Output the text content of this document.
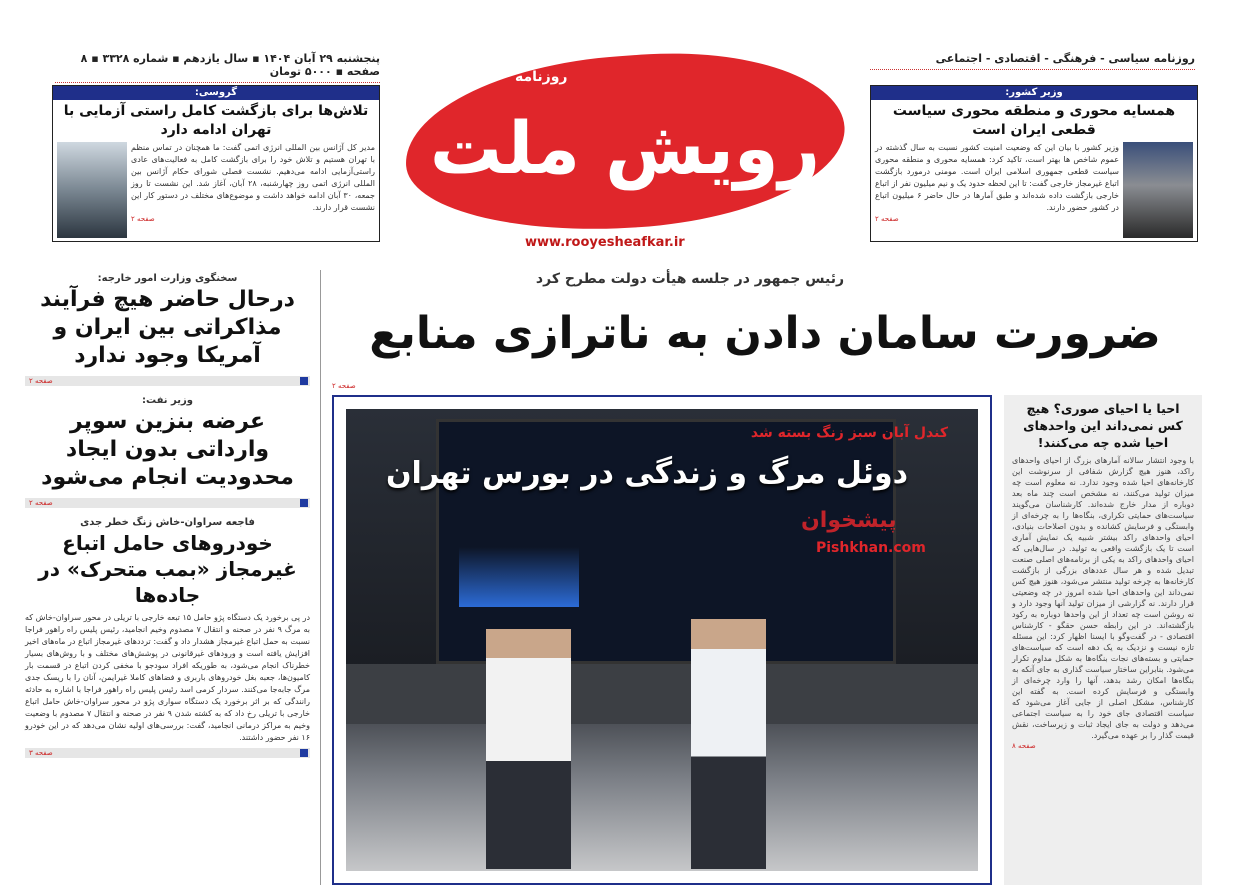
پنجشنبه ۲۹ آبان ۱۴۰۴ ▪ سال یازدهم ▪ شماره ۳۳۲۸ ▪ ۸ صفحه ▪ ۵۰۰۰ تومان
روزنامه سیاسی - فرهنگی - اقتصادی - اجتماعی
رویش ملت
روزنامه
www.rooyesheafkar.ir
گروسی:
تلاش‌ها برای بازگشت کامل راستی آزمایی با تهران ادامه دارد
مدیر کل آژانس بین المللی انرژی اتمی گفت: ما همچنان در تماس منظم با تهران هستیم و تلاش خود را برای بازگشت کامل به فعالیت‌های عادی راستی‌آزمایی ادامه می‌دهیم. نشست فصلی شورای حکام آژانس بین المللی انرژی اتمی روز چهارشنبه، ۲۸ آبان، آغاز شد. این نشست تا روز جمعه، ۳۰ آبان ادامه خواهد داشت و موضوع‌های مختلف در دستور کار این نشست قرار دارند.
صفحه ۲
وزیر کشور:
همسایه محوری و منطقه محوری سیاست قطعی ایران است
وزیر کشور با بیان این که وضعیت امنیت کشور نسبت به سال گذشته در عموم شاخص ها بهتر است، تاکید کرد: همسایه محوری و منطقه محوری سیاست قطعی جمهوری اسلامی ایران است. مومنی درمورد بازگشت اتباع غیرمجاز خارجی گفت: تا این لحظه حدود یک و نیم میلیون نفر از اتباع خارجی بازگشت داده شده‌اند و طبق آمارها در حال حاضر ۶ میلیون اتباع در کشور حضور دارند.
صفحه ۲
رئیس جمهور در جلسه هیأت دولت مطرح کرد
ضرورت سامان دادن به ناترازی منابع
صفحه ۲
سخنگوی وزارت امور خارجه:
درحال حاضر هیچ فرآیند مذاکراتی بین ایران و آمریکا وجود ندارد
صفحه ۲
وزیر نفت:
عرضه بنزین سوپر وارداتی بدون ایجاد محدودیت انجام می‌شود
صفحه ۲
فاجعه سراوان-خاش زنگ خطر جدی
خودروهای حامل اتباع غیرمجاز «بمب متحرک» در جاده‌ها
در پی برخورد یک دستگاه پژو حامل ۱۵ تبعه خارجی با تریلی در محور سراوان-خاش که به مرگ ۹ نفر در صحنه و انتقال ۷ مصدوم وخیم انجامید، رئیس پلیس راه راهور فراجا نسبت به حمل اتباع غیرمجاز هشدار داد و گفت: ترددهای غیرمجاز اتباع در ماه‌های اخیر افزایش یافته است و ورودهای غیرقانونی در پوشش‌های مختلف و با روش‌های بسیار خطرناک انجام می‌شود، به طوریکه افراد سودجو با مخفی کردن اتباع در قسمت بار کامیون‌ها، جعبه بغل خودروهای باربری و فضاهای کاملا غیرایمن، آنان را با ریسک جدی مرگ جابه‌جا می‌کنند. سردار کرمی اسد رئیس پلیس راه راهور فراجا با اشاره به حادثه رانندگی که بر اثر برخورد یک دستگاه سواری پژو در محور سراوان-خاش حامل اتباع خارجی با تریلی رخ داد که به کشته شدن ۹ نفر در صحنه و انتقال ۷ مصدوم با وضعیت وخیم به مراکز درمانی انجامید، گفت: بررسی‌های اولیه نشان می‌دهد که در این خودرو ۱۶ نفر حضور داشتند.
صفحه ۳
کندل آبان سبز زنگ بسته شد
دوئل مرگ و زندگی در بورس تهران
پیشخوان
Pishkhan.com
احیا یا احیای صوری؟ هیچ کس نمی‌داند این واحدهای احیا شده چه می‌کنند!
با وجود انتشار سالانه آمارهای بزرگ از احیای واحدهای راکد، هنوز هیچ گزارش شفافی از سرنوشت این کارخانه‌های احیا شده وجود ندارد. نه معلوم است چه میزان تولید می‌کنند، نه مشخص است چند ماه بعد دوباره از مدار خارج شده‌اند. کارشناسان می‌گویند سیاست‌های حمایتی تکراری، بنگاه‌ها را به چرخه‌ای از وابستگی و فرسایش کشانده و بدون اصلاحات بنیادی، احیای واحدهای راکد بیشتر شبیه یک نمایش آماری است تا یک بازگشت واقعی به تولید. در سال‌هایی که احیای واحدهای راکد به یکی از برنامه‌های اصلی صنعت تبدیل شده و هر سال عددهای بزرگی از بازگشت کارخانه‌ها به چرخه تولید منتشر می‌شود، هنوز هیچ کس نمی‌داند این واحدهای احیا شده امروز در چه وضعیتی قرار دارند. نه گزارشی از میزان تولید آنها وجود دارد و نه روشن است چه تعداد از این واحدها دوباره به رکود بازگشته‌اند. در این رابطه حسن حقگو - کارشناس اقتصادی - در گفت‌وگو با ایسنا اظهار کرد: این مسئله تازه نیست و نزدیک به یک دهه است که سیاست‌های حمایتی و بسته‌های نجات بنگاه‌ها به شکل مداوم تکرار می‌شود. بنابراین ساختار سیاست گذاری به جای آنکه به بنگاه‌ها امکان رشد بدهد، آنها را وارد چرخه‌ای از وابستگی و فرسایش کرده است. به گفته این کارشناس، مشکل اصلی از جایی آغاز می‌شود که سیاست اقتصادی جای خود را به سیاست اجتماعی می‌دهد و دولت به جای ایجاد ثبات و زیرساخت، نقش قیمت گذار را بر عهده می‌گیرد.
صفحه ۸
